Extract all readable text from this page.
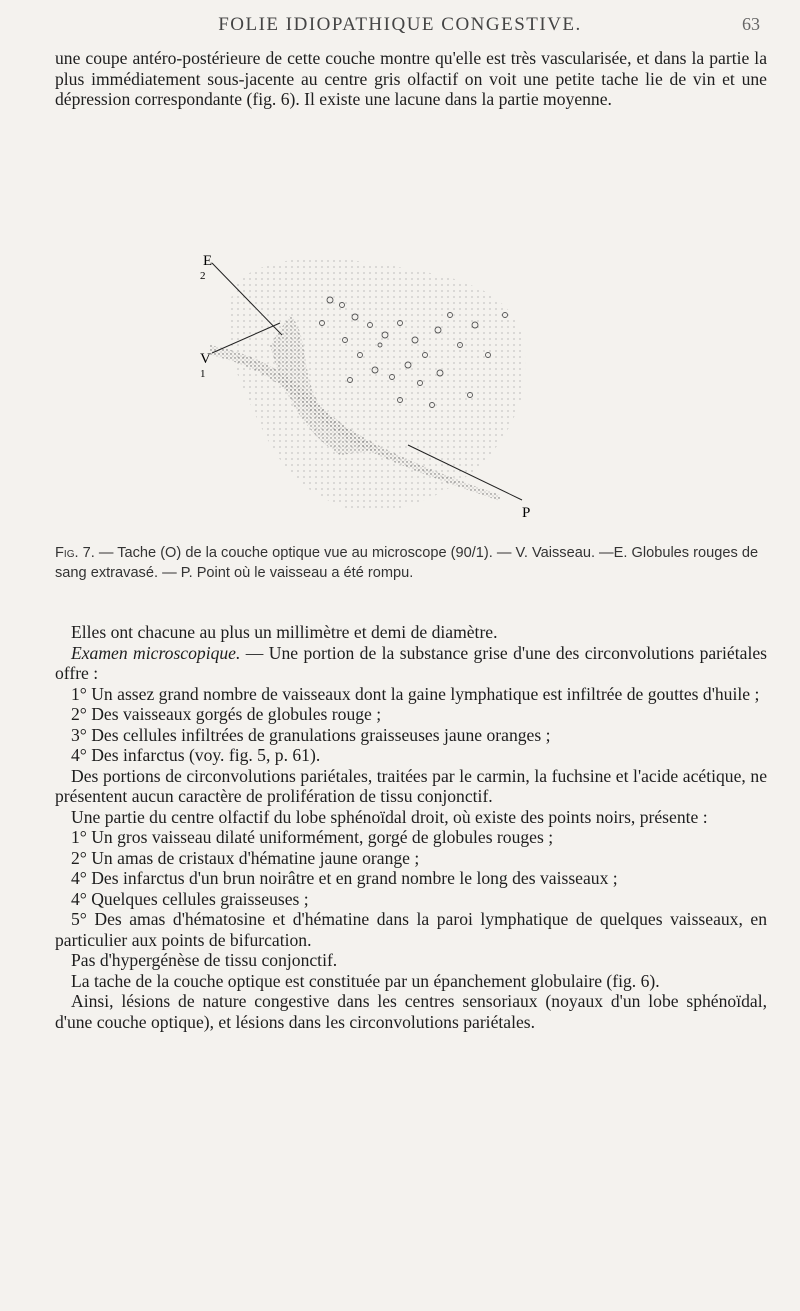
FOLIE IDIOPATHIQUE CONGESTIVE.	63

une coupe antéro-postérieure de cette couche montre qu'elle est très vascularisée, et dans la partie la plus immédiatement sous-jacente au centre gris olfactif on voit une petite tache lie de vin et une dépression correspondante (fig. 6). Il existe une lacune dans la partie moyenne.

E
2
V
1
P
Fig. 7. — Tache (O) de la couche optique vue au microscope (90/1). — V. Vaisseau. —E. Globules rouges de sang extravasé. — P. Point où le vaisseau a été rompu.

Elles ont chacune au plus un millimètre et demi de diamètre.

Examen microscopique. — Une portion de la substance grise d'une des circonvolutions pariétales offre :

1° Un assez grand nombre de vaisseaux dont la gaine lymphatique est infiltrée de gouttes d'huile ;

2° Des vaisseaux gorgés de globules rouge ;

3° Des cellules infiltrées de granulations graisseuses jaune oranges ;

4° Des infarctus (voy. fig. 5, p. 61).

Des portions de circonvolutions pariétales, traitées par le carmin, la fuchsine et l'acide acétique, ne présentent aucun caractère de prolifération de tissu conjonctif.

Une partie du centre olfactif du lobe sphénoïdal droit, où existe des points noirs, présente :

1° Un gros vaisseau dilaté uniformément, gorgé de globules rouges ;

2° Un amas de cristaux d'hématine jaune orange ;

4° Des infarctus d'un brun noirâtre et en grand nombre le long des vaisseaux ;

4° Quelques cellules graisseuses ;

5° Des amas d'hématosine et d'hématine dans la paroi lymphatique de quelques vaisseaux, en particulier aux points de bifurcation.

Pas d'hypergénèse de tissu conjonctif.

La tache de la couche optique est constituée par un épanchement globulaire (fig. 6).

Ainsi, lésions de nature congestive dans les centres sensoriaux (noyaux d'un lobe sphénoïdal, d'une couche optique), et lésions dans les circonvolutions pariétales.
